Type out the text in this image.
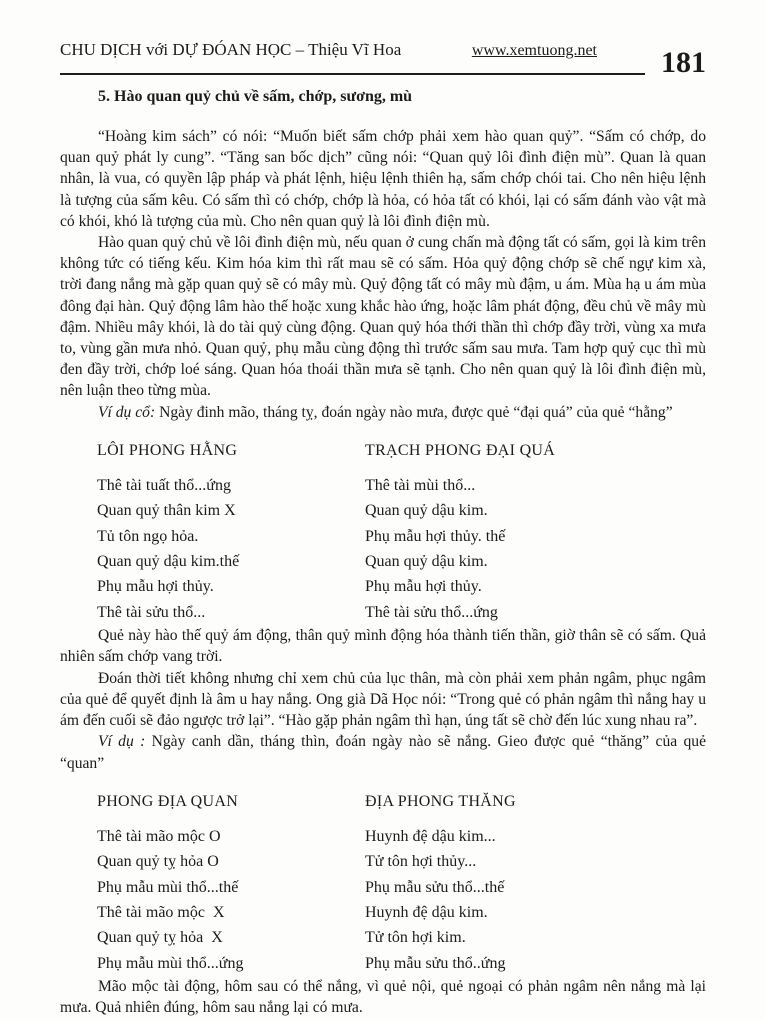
CHU DỊCH với DỰ ĐÓAN HỌC – Thiệu Vĩ Hoa	www.xemtuong.net	181
5. Hào quan quỷ chủ về sấm, chớp, sương, mù

“Hoàng kim sách” có nói: “Muốn biết sấm chớp phải xem hào quan quỷ”. “Sấm có chớp, do quan quỷ phát ly cung”. “Tăng san bốc dịch” cũng nói: “Quan quỷ lôi đình điện mù”. Quan là quan nhân, là vua, có quyền lập pháp và phát lệnh, hiệu lệnh thiên hạ, sấm chớp chói tai. Cho nên hiệu lệnh là tượng của sấm kêu. Có sấm thì có chớp, chớp là hỏa, có hỏa tất có khói, lại có sấm đánh vào vật mà có khói, khó là tượng của mù. Cho nên quan quỷ là lôi đình điện mù.

Hào quan quỷ chủ về lôi đình điện mù, nếu quan ở cung chấn mà động tất có sấm, gọi là kim trên không tức có tiếng kếu. Kim hóa kim thì rất mau sẽ có sấm. Hỏa quỷ động chớp sẽ chế ngự kim xà, trời đang nắng mà gặp quan quỷ sẽ có mây mù. Quỷ động tất có mây mù đậm, u ám. Mùa hạ u ám mùa đông đại hàn. Quỷ động lâm hào thế hoặc xung khắc hào ứng, hoặc lâm phát động, đều chủ về mây mù đậm. Nhiều mây khói, là do tài quỷ cùng động. Quan quỷ hóa thới thần thì chớp đầy trời, vùng xa mưa to, vùng gần mưa nhỏ. Quan quỷ, phụ mẫu cùng động thì trước sấm sau mưa. Tam hợp quỷ cục thì mù đen đầy trời, chớp loé sáng. Quan hóa thoái thần mưa sẽ tạnh. Cho nên quan quỷ là lôi đình điện mù, nên luận theo từng mùa.

Ví dụ cổ: Ngày đinh mão, tháng tỵ, đoán ngày nào mưa, được quẻ “đại quá” của quẻ “hằng”

LÔI PHONG HẰNG
Thê tài tuất thổ...ứng
Quan quỷ thân kim X
Tủ tôn ngọ hỏa.
Quan quỷ dậu kim.thế
Phụ mẫu hợi thủy.
Thê tài sửu thổ...
TRẠCH PHONG ĐẠI QUÁ
Thê tài mùi thổ...
Quan quỷ dậu kim.
Phụ mẫu hợi thủy. thế
Quan quỷ dậu kim.
Phụ mẫu hợi thủy.
Thê tài sửu thổ...ứng

Quẻ này hào thế quỷ ám động, thân quỷ mình động hóa thành tiến thần, giờ thân sẽ có sấm. Quả nhiên sấm chớp vang trời.

Đoán thời tiết không nhưng chỉ xem chủ của lục thân, mà còn phải xem phản ngâm, phục ngâm của quẻ để quyết định là âm u hay nắng. Ong già Dã Học nói: “Trong quẻ có phản ngâm thì nắng hay u ám đến cuối sẽ đảo ngược trở lại”. “Hào gặp phản ngâm thì hạn, úng tất sẽ chờ đến lúc xung nhau ra”.

Ví dụ : Ngày canh dần, tháng thìn, đoán ngày nào sẽ nắng. Gieo được quẻ “thăng” của quẻ “quan”

PHONG ĐỊA QUAN
Thê tài mão mộc O
Quan quỷ tỵ hỏa O
Phụ mẫu mùi thổ...thế
Thê tài mão mộc  X
Quan quỷ tỵ hỏa  X
Phụ mẫu mùi thổ...ứng
ĐỊA PHONG THĂNG
Huynh đệ dậu kim...
Tử tôn hợi thủy...
Phụ mẫu sửu thổ...thế
Huynh đệ dậu kim.
Tử tôn hợi kim.
Phụ mẫu sửu thổ..ứng

Mão mộc tài động, hôm sau có thể nắng, vì quẻ nội, quẻ ngoại có phản ngâm nên nắng mà lại mưa. Quả nhiên đúng, hôm sau nắng lại có mưa.
